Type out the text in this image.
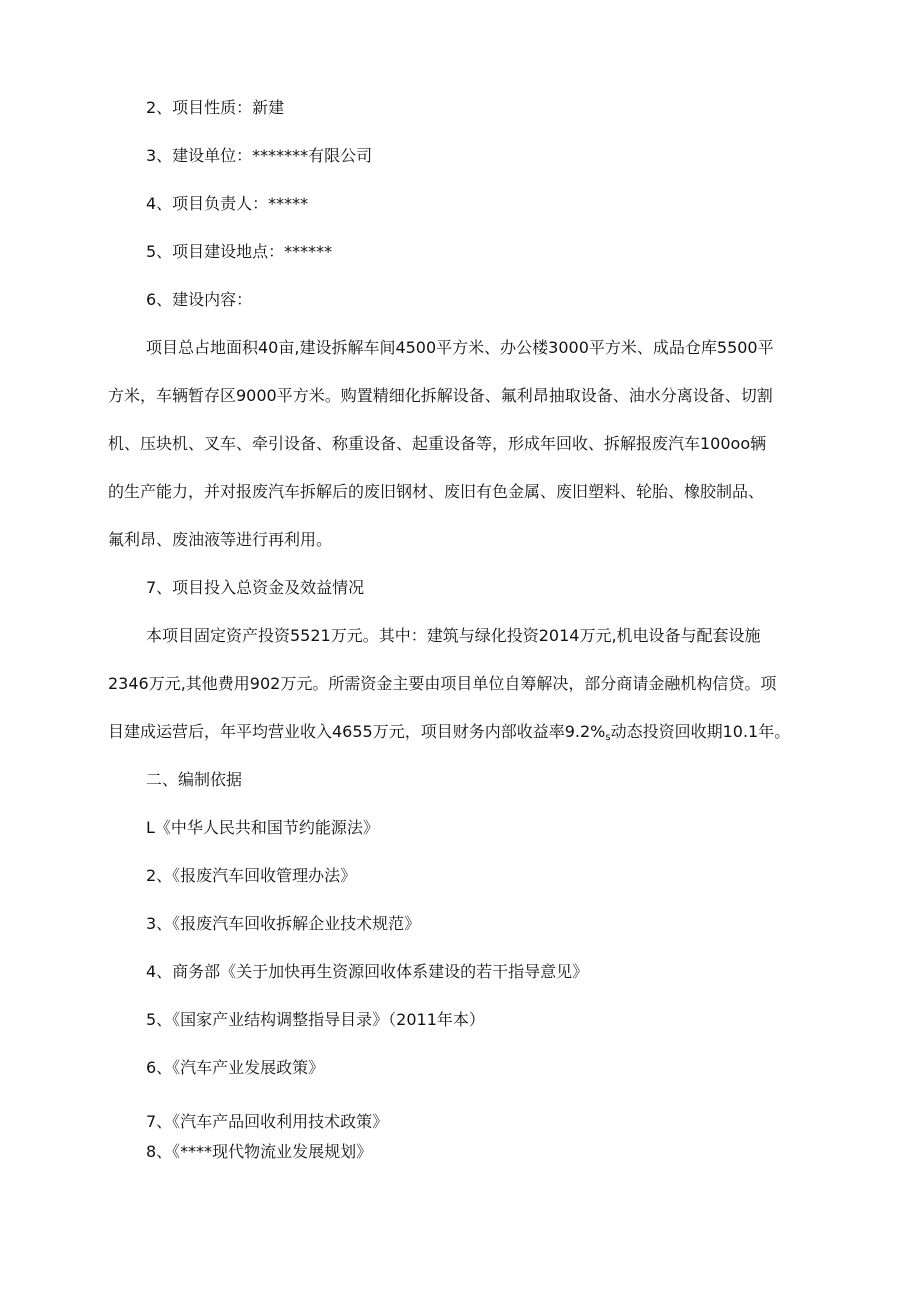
2、项目性质：新建

3、建设单位：*******有限公司

4、项目负责人：*****

5、项目建设地点：******

6、建设内容：

项目总占地面积40亩,建设拆解车间4500平方米、办公楼3000平方米、成品仓库5500平
方米，车辆暂存区9000平方米。购置精细化拆解设备、氟利昂抽取设备、油水分离设备、切割
机、压块机、叉车、牵引设备、称重设备、起重设备等，形成年回收、拆解报废汽车100oo辆
的生产能力，并对报废汽车拆解后的废旧钢材、废旧有色金属、废旧塑料、轮胎、橡胶制品、
氟利昂、废油液等进行再利用。

7、项目投入总资金及效益情况

本项目固定资产投资5521万元。其中：建筑与绿化投资2014万元,机电设备与配套设施
2346万元,其他费用902万元。所需资金主要由项目单位自筹解决，部分商请金融机构信贷。项
目建成运营后，年平均营业收入4655万元，项目财务内部收益率$9.2\%_s$动态投资回收期10.1年。

二、编制依据

L《中华人民共和国节约能源法》

2、《报废汽车回收管理办法》

3、《报废汽车回收拆解企业技术规范》

4、商务部《关于加快再生资源回收体系建设的若干指导意见》

5、《国家产业结构调整指导目录》（2011年本）

6、《汽车产业发展政策》

7、《汽车产品回收利用技术政策》

8、《****现代物流业发展规划》
